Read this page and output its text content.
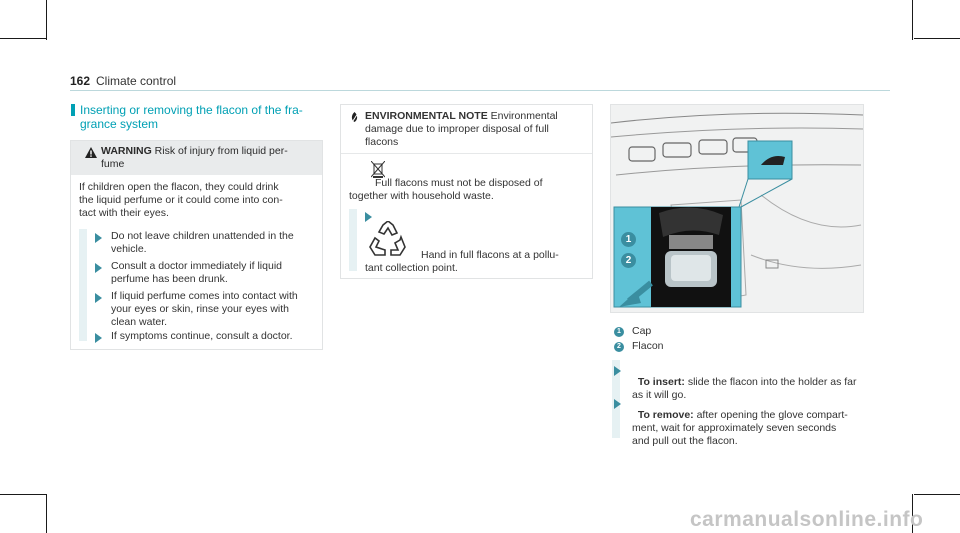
162 Climate control
Inserting or removing the flacon of the fra-
grance system
WARNING Risk of injury from liquid per-
fume
If children open the flacon, they could drink
the liquid perfume or it could come into con-
tact with their eyes.
Do not leave children unattended in the
vehicle.
Consult a doctor immediately if liquid
perfume has been drunk.
If liquid perfume comes into contact with
your eyes or skin, rinse your eyes with
clean water.
If symptoms continue, consult a doctor.
ENVIRONMENTAL NOTE Environmental
damage due to improper disposal of full
flacons
Full flacons must not be disposed of
together with household waste.
Hand in full flacons at a pollu-
tant collection point.
1
2
1 Cap
2 Flacon

To insert: slide the flacon into the holder as far
as it will go.

To remove: after opening the glove compart-
ment, wait for approximately seven seconds
and pull out the flacon.

carmanualsonline.info
